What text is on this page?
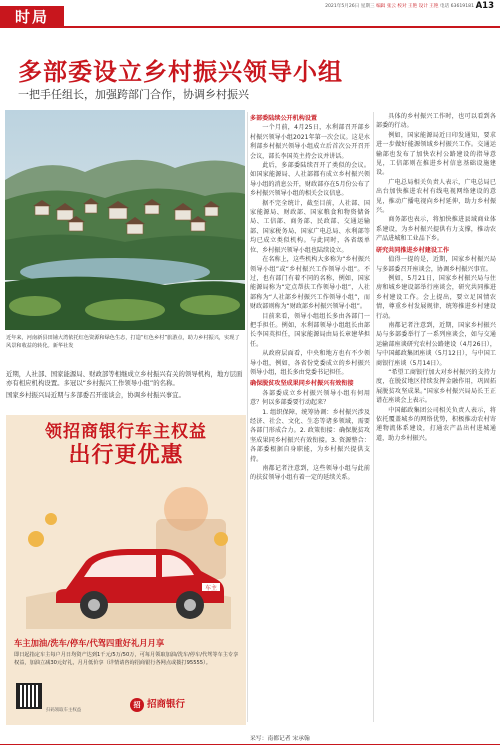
时局
2021年5月26日 星期三 编辑 张云 校对 王艳 设计 王艳 电话 63619181 A13
多部委设立乡村振兴领导小组
一把手任组长，加强跨部门合作，协调乡村振兴
近年来，河南新县田铺大湾依托红色资源和绿色生态，打造“红色乡村”旅游点，助力乡村振兴，实现了风景和收益的转化。新华社发

近期，人社部、国家能源局、财政部等相继成立乡村振兴有关的领导机构，地方层面亦有相应机构设置。多冠以“乡村振兴工作领导小组”的名称。

国家乡村振兴局近期与多部委召开座谈会，协调乡村振兴事宜。

领招商银行车主权益
出行更优惠
车主
车主加油/洗车/停车/代驾四重好礼月月享
即日起指定车主每户月日均资产达到1千元/5万/50万，可每月领取加油/洗车/停车/代驾等车主专享权益，加油立减30元好礼，月月低价享（详情请咨询招商银行各网点或拨打95555）。
扫码领取车主权益
招 招商银行

多部委陆续公开机构设置

一个月前，4月25日，水利部召开部乡村振兴领导小组2021年第一次会议。这是水利部乡村振兴领导小组成立后首次公开召开会议，部长李国英主持会议并讲话。

此后，多部委陆续召开了类似的会议。如国家能源局、人社部都有成立乡村振兴领导小组的消息公开，财政部亦在5月份公布了乡村振兴领导小组的相关会议信息。

据不完全统计，截至目前，人社部、国家能源局、财政部、国家粮食和物资储备局、工信部、商务部、民政部、交通运输部、国家税务局、国家广电总局、水利部等均已成立类似机构。与此同时，各省级单位、乡村振兴领导小组也陆续设立。

在名称上，这些机构大多称为“乡村振兴领导小组”或“乡村振兴工作领导小组”。不过，也有部门有着不同的名称，例如，国家能源局称为“定点帮扶工作领导小组”，人社部称为“人社部乡村振兴工作领导小组”，而财政部则称为“财政部乡村振兴领导小组”。

目前来看，领导小组组长多由各部门一把手担任。例如，水利部领导小组组长由部长李国英担任，国家能源局由局长章建华担任。

从政府层面看，中央和地方也有不少领导小组，例如，各省份党委成立的乡村振兴领导小组，组长多由党委书记担任。

确保脱贫攻坚成果同乡村振兴有效衔接

各部委成立乡村振兴领导小组有何用意？何以多部委要行动起来？

1. 组织保障，统筹协调：乡村振兴涉及经济、社会、文化、生态等诸多领域，需要各部门形成合力。2. 政策衔接：确保脱贫攻坚成果同乡村振兴有效衔接。3. 资源整合：各部委根据自身职能，为乡村振兴提供支持。

南都记者注意到，这些领导小组与此前的扶贫领导小组有着一定的延续关系。

具体的乡村振兴工作时，也可以看到各部委的行动。

例如，国家能源局近日印发通知，要求进一步做好能源领域乡村振兴工作。交通运输部也发布了加快农村公路建设的指导意见，工信部则在推进乡村信息基础设施建设。

广电总局相关负责人表示，广电总局已出台加快推进农村有线电视网络建设的意见，推动广播电视向乡村延伸，助力乡村振兴。

商务部也表示，将加快推进县域商业体系建设，为乡村振兴提供有力支撑，推动农产品进城和工业品下乡。

研究共同推进乡村建设工作

值得一提的是，近期，国家乡村振兴局与多部委召开座谈会，协调乡村振兴事宜。

例如，5月21日，国家乡村振兴局与住房和城乡建设部举行座谈会，研究共同推进乡村建设工作。会上提出，要立足国情农情，尊重乡村发展规律，统筹推进乡村建设行动。

南都记者注意到，近期，国家乡村振兴局与多部委举行了一系列座谈会，如与交通运输部座谈研究农村公路建设（4月26日），与中国邮政集团座谈（5月12日），与中国工商银行座谈（5月14日）。

“希望工商银行加大对乡村振兴的支持力度，在脱贫地区持续发挥金融作用，巩固拓展脱贫攻坚成果。”国家乡村振兴局局长王正谱在座谈会上表示。

中国邮政集团公司相关负责人表示，将依托覆盖城乡的网络优势，积极推动农村寄递物流体系建设，打通农产品出村进城通道，助力乡村振兴。

采写：南都记者 宋承翰
